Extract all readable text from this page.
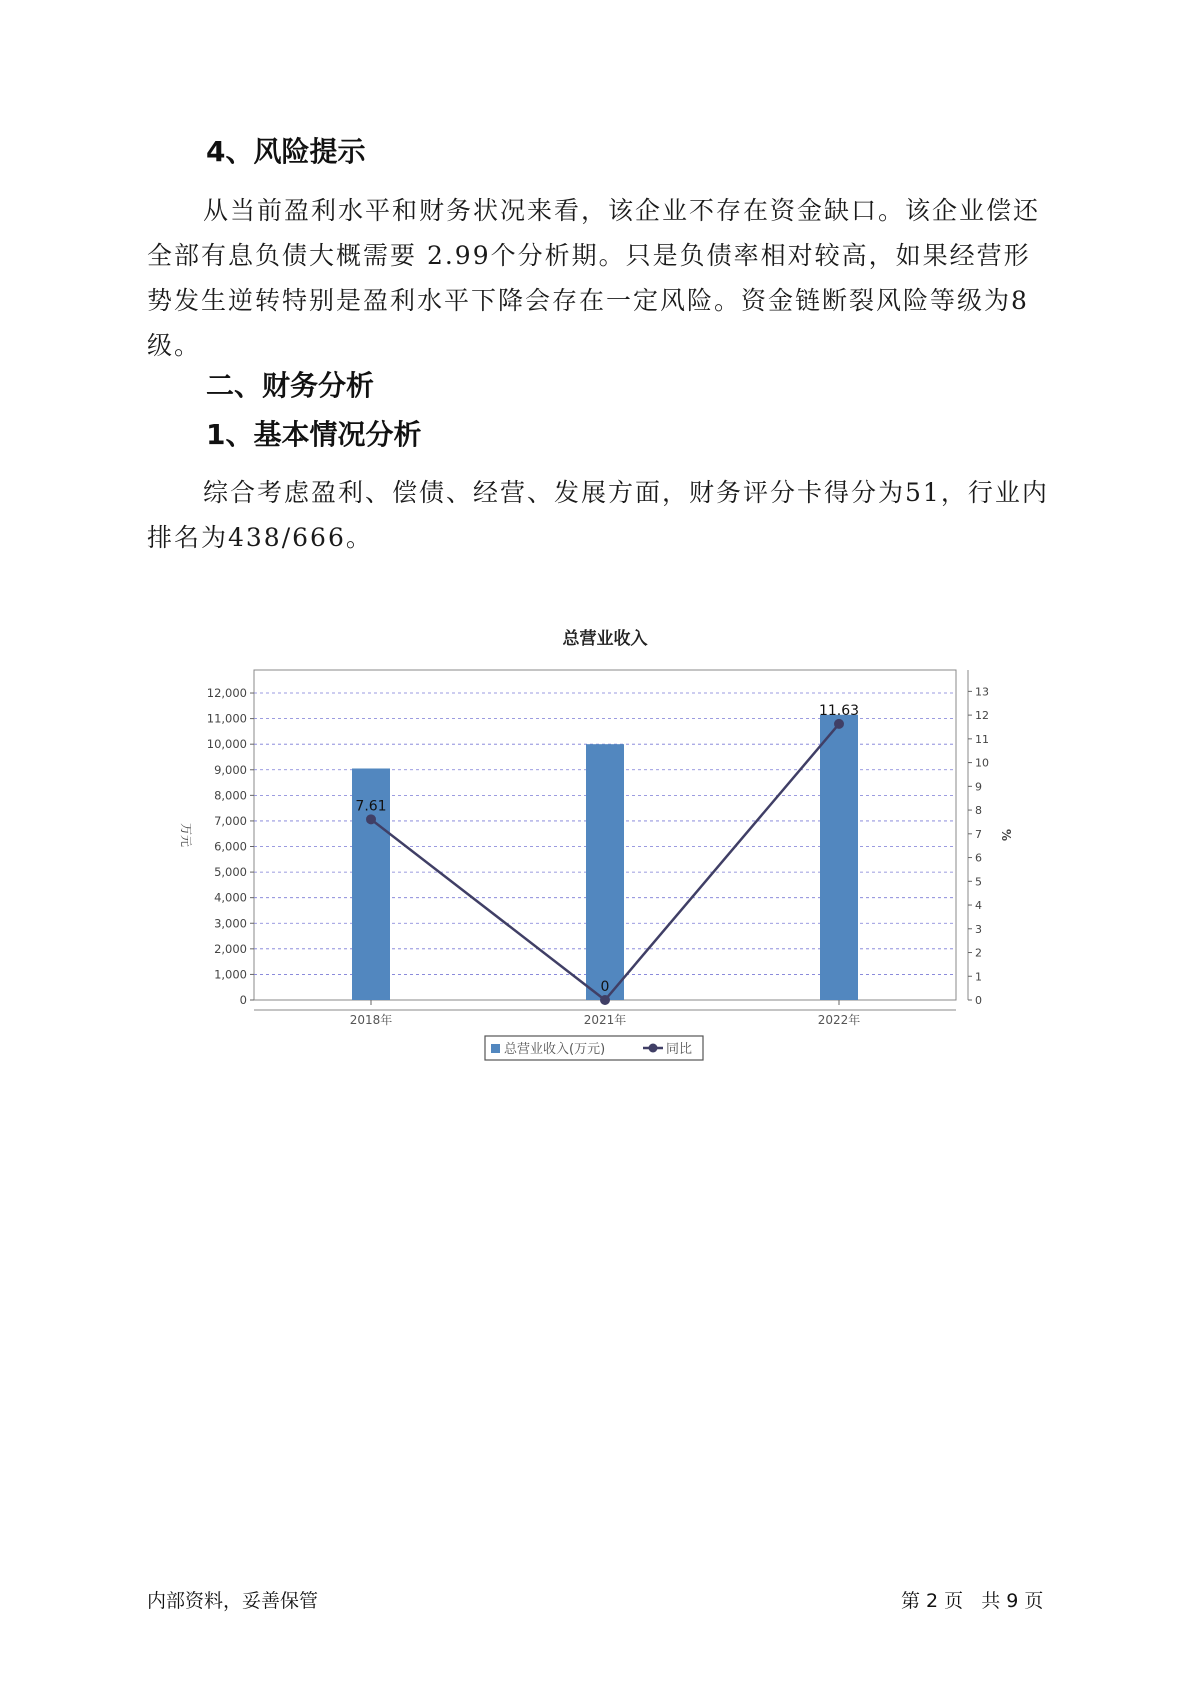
4、风险提示

从当前盈利水平和财务状况来看，该企业不存在资金缺口。该企业偿还全部有息负债大概需要 2.99个分析期。只是负债率相对较高，如果经营形势发生逆转特别是盈利水平下降会存在一定风险。资金链断裂风险等级为8级。

二、财务分析
1、基本情况分析

综合考虑盈利、偿债、经营、发展方面，财务评分卡得分为51，行业内排名为438/666。

总营业收入
0
1,000
2,000
3,000
4,000
5,000
6,000
7,000
8,000
9,000
10,000
11,000
12,000
0
1
2
3
4
5
6
7
8
9
10
11
12
13
万元	%
2018年	2021年	2022年
7.61
0
11.63
总营业收入(万元)	同比
内部资料，妥善保管	第 2 页 共 9 页
